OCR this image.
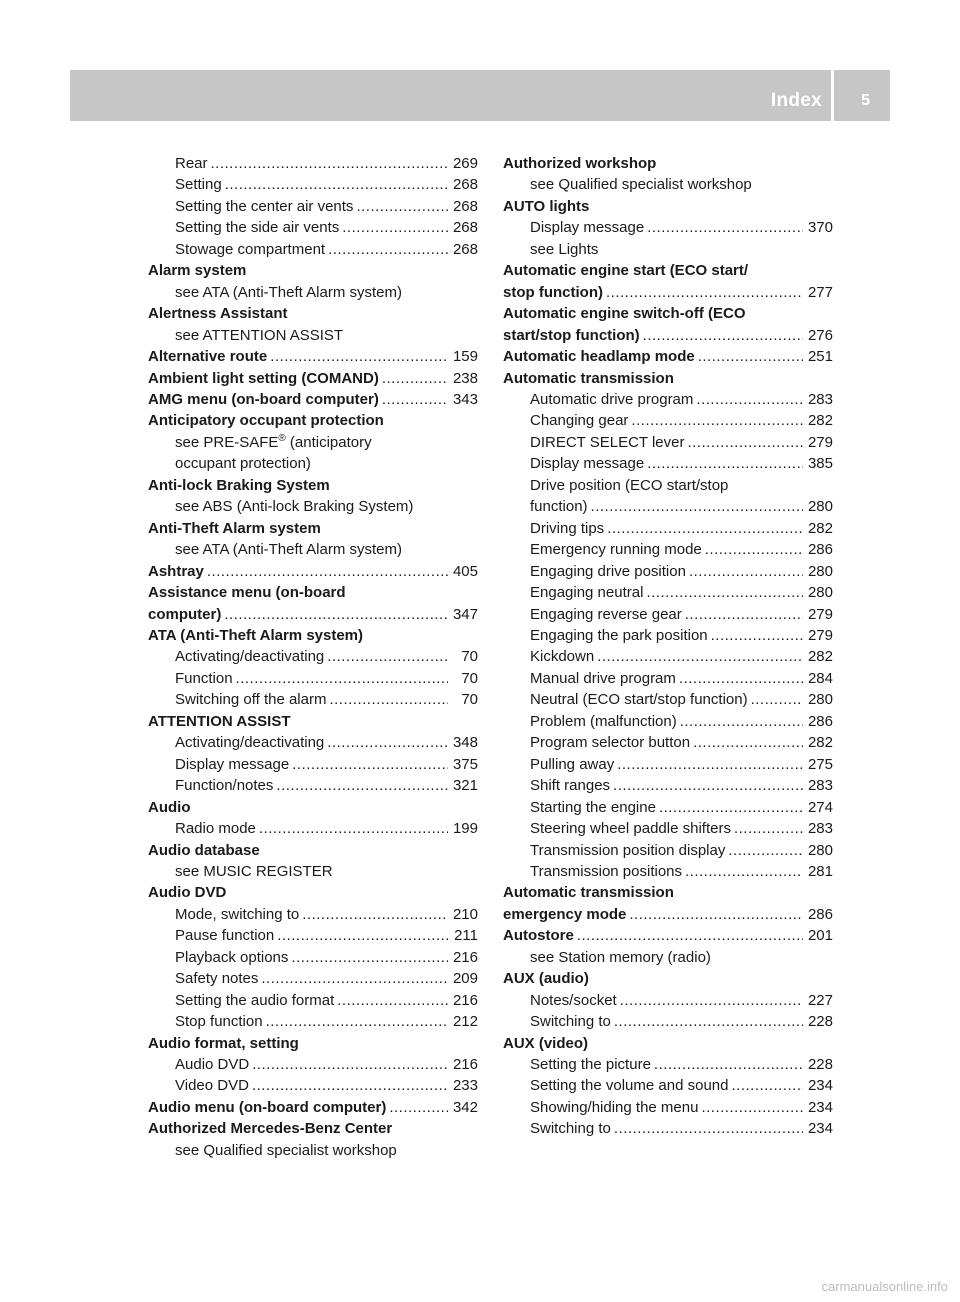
Index 5
Rear .....	269
Setting .....	268
Setting the center air vents .....	268
Setting the side air vents .....	268
Stowage compartment .....	268
Alarm system
see ATA (Anti-Theft Alarm system)
Alertness Assistant
see ATTENTION ASSIST
Alternative route .....	159
Ambient light setting (COMAND) .....	238
AMG menu (on-board computer) .....	343
Anticipatory occupant protection
see PRE-SAFE® (anticipatory
occupant protection)
Anti-lock Braking System
see ABS (Anti-lock Braking System)
Anti-Theft Alarm system
see ATA (Anti-Theft Alarm system)
Ashtray .....	405
Assistance menu (on-board
computer) .....	347
ATA (Anti-Theft Alarm system)
Activating/deactivating .....	70
Function .....	70
Switching off the alarm .....	70
ATTENTION ASSIST
Activating/deactivating .....	348
Display message .....	375
Function/notes .....	321
Audio
Radio mode .....	199
Audio database
see MUSIC REGISTER
Audio DVD
Mode, switching to .....	210
Pause function .....	211
Playback options .....	216
Safety notes .....	209
Setting the audio format .....	216
Stop function .....	212
Audio format, setting
Audio DVD .....	216
Video DVD .....	233
Audio menu (on-board computer) .....	342
Authorized Mercedes-Benz Center
see Qualified specialist workshop
Authorized workshop
see Qualified specialist workshop
AUTO lights
Display message .....	370
see Lights
Automatic engine start (ECO start/
stop function) .....	277
Automatic engine switch-off (ECO
start/stop function) .....	276
Automatic headlamp mode .....	251
Automatic transmission
Automatic drive program .....	283
Changing gear .....	282
DIRECT SELECT lever .....	279
Display message .....	385
Drive position (ECO start/stop
function) .....	280
Driving tips .....	282
Emergency running mode .....	286
Engaging drive position .....	280
Engaging neutral .....	280
Engaging reverse gear .....	279
Engaging the park position .....	279
Kickdown .....	282
Manual drive program .....	284
Neutral (ECO start/stop function) .....	280
Problem (malfunction) .....	286
Program selector button .....	282
Pulling away .....	275
Shift ranges .....	283
Starting the engine .....	274
Steering wheel paddle shifters .....	283
Transmission position display .....	280
Transmission positions .....	281
Automatic transmission
emergency mode .....	286
Autostore .....	201
see Station memory (radio)
AUX (audio)
Notes/socket .....	227
Switching to .....	228
AUX (video)
Setting the picture .....	228
Setting the volume and sound .....	234
Showing/hiding the menu .....	234
Switching to .....	234
carmanualsonline.info
